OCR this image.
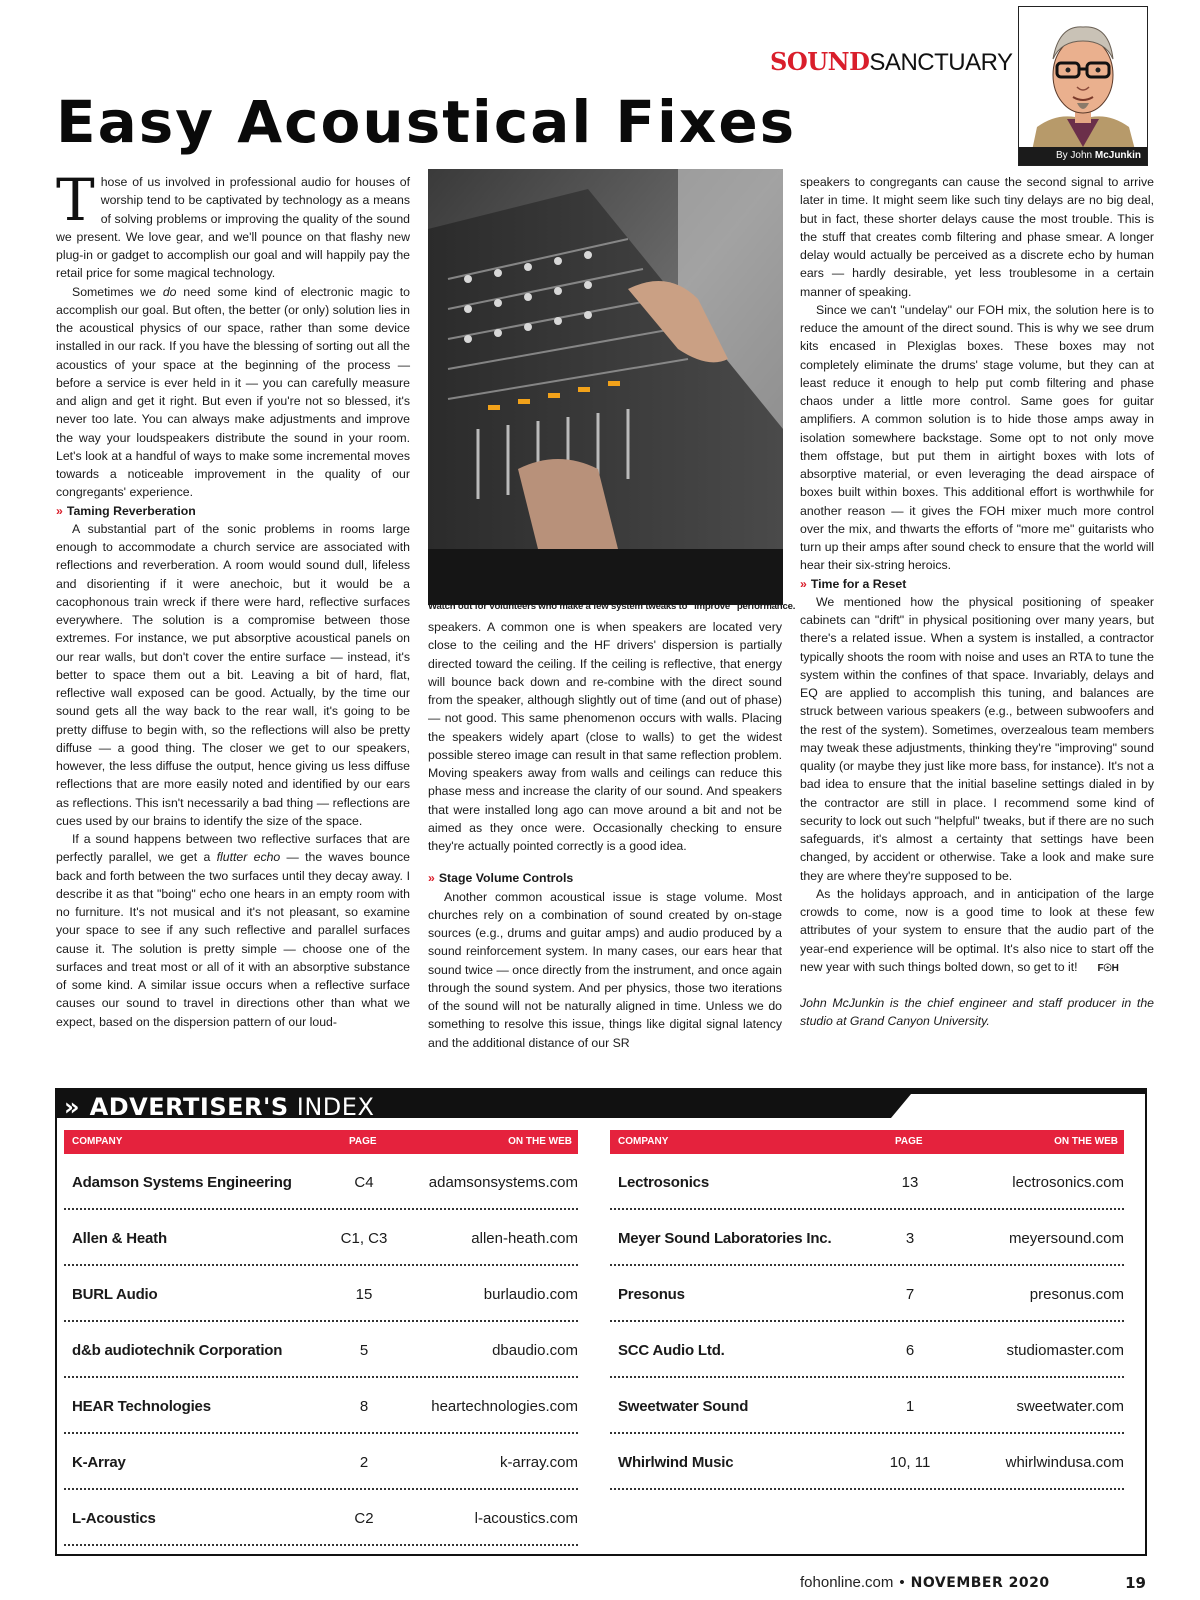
SOUNDSANCTUARY
Easy Acoustical Fixes	By John McJunkin
Watch out for volunteers who make a few system tweaks to "improve" performance.

Those of us involved in professional audio for houses of worship tend to be captivated by technology as a means of solving problems or improving the quality of the sound we present. We love gear, and we'll pounce on that flashy new plug-in or gadget to accomplish our goal and will happily pay the retail price for some magical technology.

Sometimes we do need some kind of electronic magic to accomplish our goal. But often, the better (or only) solution lies in the acoustical physics of our space, rather than some device installed in our rack. If you have the blessing of sorting out all the acoustics of your space at the beginning of the process — before a service is ever held in it — you can carefully measure and align and get it right. But even if you're not so blessed, it's never too late. You can always make adjustments and improve the way your loudspeakers distribute the sound in your room. Let's look at a handful of ways to make some incremental moves towards a noticeable improvement in the quality of our congregants' experience.

» Taming Reverberation

A substantial part of the sonic problems in rooms large enough to accommodate a church service are associated with reflections and reverberation. A room would sound dull, lifeless and disorienting if it were anechoic, but it would be a cacophonous train wreck if there were hard, reflective surfaces everywhere. The solution is a compromise between those extremes. For instance, we put absorptive acoustical panels on our rear walls, but don't cover the entire surface — instead, it's better to space them out a bit. Leaving a bit of hard, flat, reflective wall exposed can be good. Actually, by the time our sound gets all the way back to the rear wall, it's going to be pretty diffuse to begin with, so the reflections will also be pretty diffuse — a good thing. The closer we get to our speakers, however, the less diffuse the output, hence giving us less diffuse reflections that are more easily noted and identified by our ears as reflections. This isn't necessarily a bad thing — reflections are cues used by our brains to identify the size of the space.

If a sound happens between two reflective surfaces that are perfectly parallel, we get a flutter echo — the waves bounce back and forth between the two surfaces until they decay away. I describe it as that "boing" echo one hears in an empty room with no furniture. It's not musical and it's not pleasant, so examine your space to see if any such reflective and parallel surfaces cause it. The solution is pretty simple — choose one of the surfaces and treat most or all of it with an absorptive substance of some kind. A similar issue occurs when a reflective surface causes our sound to travel in directions other than what we expect, based on the dispersion pattern of our loud-

speakers. A common one is when speakers are located very close to the ceiling and the HF drivers' dispersion is partially directed toward the ceiling. If the ceiling is reflective, that energy will bounce back down and re-combine with the direct sound from the speaker, although slightly out of time (and out of phase) — not good. This same phenomenon occurs with walls. Placing the speakers widely apart (close to walls) to get the widest possible stereo image can result in that same reflection problem. Moving speakers away from walls and ceilings can reduce this phase mess and increase the clarity of our sound. And speakers that were installed long ago can move around a bit and not be aimed as they once were. Occasionally checking to ensure they're actually pointed correctly is a good idea.

» Stage Volume Controls

Another common acoustical issue is stage volume. Most churches rely on a combination of sound created by on-stage sources (e.g., drums and guitar amps) and audio produced by a sound reinforcement system. In many cases, our ears hear that sound twice — once directly from the instrument, and once again through the sound system. And per physics, those two iterations of the sound will not be naturally aligned in time. Unless we do something to resolve this issue, things like digital signal latency and the additional distance of our SR

speakers to congregants can cause the second signal to arrive later in time. It might seem like such tiny delays are no big deal, but in fact, these shorter delays cause the most trouble. This is the stuff that creates comb filtering and phase smear. A longer delay would actually be perceived as a discrete echo by human ears — hardly desirable, yet less troublesome in a certain manner of speaking.

Since we can't "undelay" our FOH mix, the solution here is to reduce the amount of the direct sound. This is why we see drum kits encased in Plexiglas boxes. These boxes may not completely eliminate the drums' stage volume, but they can at least reduce it enough to help put comb filtering and phase chaos under a little more control. Same goes for guitar amplifiers. A common solution is to hide those amps away in isolation somewhere backstage. Some opt to not only move them offstage, but put them in airtight boxes with lots of absorptive material, or even leveraging the dead airspace of boxes built within boxes. This additional effort is worthwhile for another reason — it gives the FOH mixer much more control over the mix, and thwarts the efforts of "more me" guitarists who turn up their amps after sound check to ensure that the world will hear their six-string heroics.

» Time for a Reset

We mentioned how the physical positioning of speaker cabinets can "drift" in physical positioning over many years, but there's a related issue. When a system is installed, a contractor typically shoots the room with noise and uses an RTA to tune the system within the confines of that space. Invariably, delays and EQ are applied to accomplish this tuning, and balances are struck between various speakers (e.g., between subwoofers and the rest of the system). Sometimes, overzealous team members may tweak these adjustments, thinking they're "improving" sound quality (or maybe they just like more bass, for instance). It's not a bad idea to ensure that the initial baseline settings dialed in by the contractor are still in place. I recommend some kind of security to lock out such "helpful" tweaks, but if there are no such safeguards, it's almost a certainty that settings have been changed, by accident or otherwise. Take a look and make sure they are where they're supposed to be.

As the holidays approach, and in anticipation of the large crowds to come, now is a good time to look at these few attributes of your system to ensure that the audio part of the year-end experience will be optimal. It's also nice to start off the new year with such things bolted down, so get to it! F☉H

John McJunkin is the chief engineer and staff producer in the studio at Grand Canyon University.

» ADVERTISER'S INDEX
COMPANY	PAGE	ON THE WEB
Adamson Systems Engineering	C4	adamsonsystems.com
Allen & Heath	C1, C3	allen-heath.com
BURL Audio	15	burlaudio.com
d&b audiotechnik Corporation	5	dbaudio.com
HEAR Technologies	8	heartechnologies.com
K-Array	2	k-array.com
L-Acoustics	C2	l-acoustics.com
COMPANY	PAGE	ON THE WEB
Lectrosonics	13	lectrosonics.com
Meyer Sound Laboratories Inc.	3	meyersound.com
Presonus	7	presonus.com
SCC Audio Ltd.	6	studiomaster.com
Sweetwater Sound	1	sweetwater.com
Whirlwind Music	10, 11	whirlwindusa.com
fohonline.com • NOVEMBER 2020	19
